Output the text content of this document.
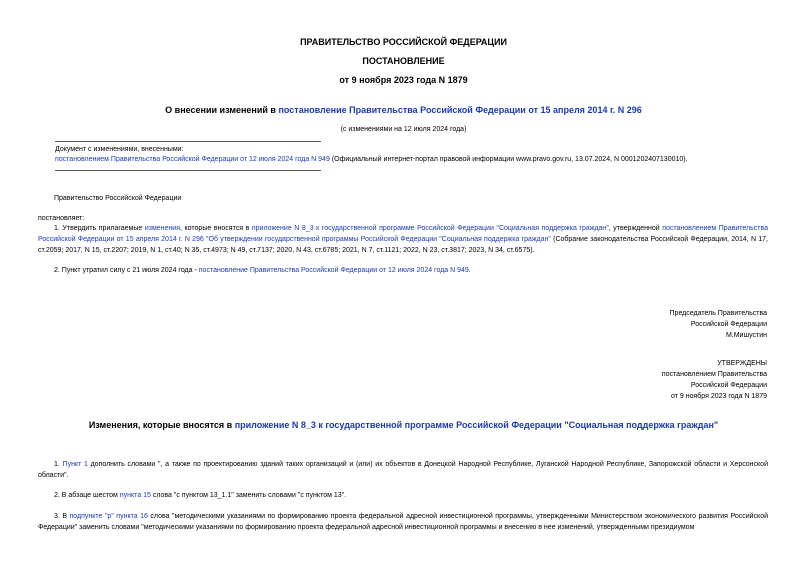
ПРАВИТЕЛЬСТВО РОССИЙСКОЙ ФЕДЕРАЦИИ
ПОСТАНОВЛЕНИЕ
от 9 ноября 2023 года N 1879
О внесении изменений в постановление Правительства Российской Федерации от 15 апреля 2014 г. N 296
(с изменениями на 12 июля 2024 года)
Документ с изменениями, внесенными:
постановлением Правительства Российской Федерации от 12 июля 2024 года N 949 (Официальный интернет-портал правовой информации www.pravo.gov.ru, 13.07.2024, N 0001202407130010).
Правительство Российской Федерации
постановляет:
1. Утвердить прилагаемые изменения, которые вносятся в приложение N 8_3 к государственной программе Российской Федерации "Социальная поддержка граждан", утвержденной постановлением Правительства Российской Федерации от 15 апреля 2014 г. N 296 "Об утверждении государственной программы Российской Федерации "Социальная поддержка граждан" (Собрание законодательства Российской Федерации, 2014, N 17, ст.2059; 2017, N 15, ст.2207; 2019, N 1, ст.40; N 35, ст.4973; N 49, ст.7137; 2020, N 43, ст.6785; 2021, N 7, ст.1121; 2022, N 23, ст.3817; 2023, N 34, ст.6575).
2. Пункт утратил силу с 21 июля 2024 года - постановление Правительства Российской Федерации от 12 июля 2024 года N 949.
Председатель Правительства
Российской Федерации
М.Мишустин
УТВЕРЖДЕНЫ
постановлением Правительства
Российской Федерации
от 9 ноября 2023 года N 1879
Изменения, которые вносятся в приложение N 8_3 к государственной программе Российской Федерации "Социальная поддержка граждан"
1. Пункт 1 дополнить словами ", а также по проектированию зданий таких организаций и (или) их объектов в Донецкой Народной Республике, Луганской Народной Республике, Запорожской области и Херсонской области".
2. В абзаце шестом пункта 15 слова "с пунктом 13_1.1" заменить словами "с пунктом 13".
3. В подпункте "р" пункта 16 слова "методическими указаниями по формированию проекта федеральной адресной инвестиционной программы, утвержденными Министерством экономического развития Российской Федерации" заменить словами "методическими указаниями по формированию проекта федеральной адресной инвестиционной программы и внесению в нее изменений, утвержденными президиумом
